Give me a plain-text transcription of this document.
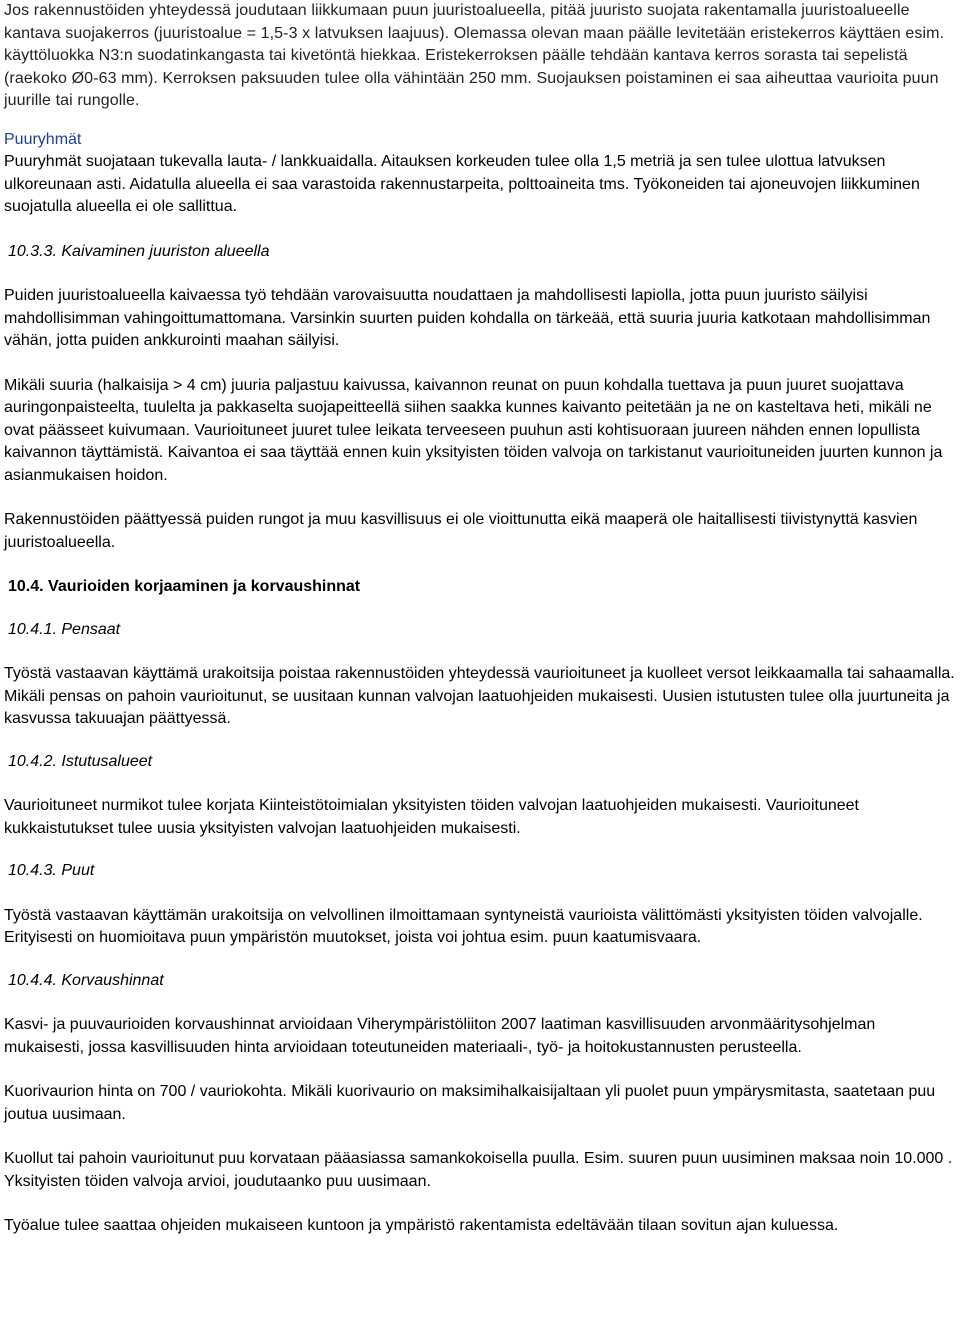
Jos rakennustöiden yhteydessä joudutaan liikkumaan puun juuristoalueella, pitää juuristo suojata rakentamalla juuristoalueelle kantava suojakerros (juuristoalue = 1,5-3 x latvuksen laajuus). Olemassa olevan maan päälle levitetään eristekerros käyttäen esim. käyttöluokka N3:n suodatinkangasta tai kivetöntä hiekkaa. Eristekerroksen päälle tehdään kantava kerros sorasta tai sepelistä (raekoko Ø0-63 mm). Kerroksen paksuuden tulee olla vähintään 250 mm. Suojauksen poistaminen ei saa aiheuttaa vaurioita puun juurille tai rungolle.

Puuryhmät

Puuryhmät suojataan tukevalla lauta- / lankkuaidalla. Aitauksen korkeuden tulee olla 1,5 metriä ja sen tulee ulottua latvuksen ulkoreunaan asti. Aidatulla alueella ei saa varastoida rakennustarpeita, polttoaineita tms. Työkoneiden tai ajoneuvojen liikkuminen suojatulla alueella ei ole sallittua.

10.3.3. Kaivaminen juuriston alueella

Puiden juuristoalueella kaivaessa työ tehdään varovaisuutta noudattaen ja mahdollisesti lapiolla, jotta puun juuristo säilyisi mahdollisimman vahingoittumattomana. Varsinkin suurten puiden kohdalla on tärkeää, että suuria juuria katkotaan mahdollisimman vähän, jotta puiden ankkurointi maahan säilyisi.

Mikäli suuria (halkaisija > 4 cm) juuria paljastuu kaivussa, kaivannon reunat on puun kohdalla tuettava ja puun juuret suojattava auringonpaisteelta, tuulelta ja pakkaselta suojapeitteellä siihen saakka kunnes kaivanto peitetään ja ne on kasteltava heti, mikäli ne ovat päässeet kuivumaan. Vaurioituneet juuret tulee leikata terveeseen puuhun asti kohtisuoraan juureen nähden ennen lopullista kaivannon täyttämistä. Kaivantoa ei saa täyttää ennen kuin yksityisten töiden valvoja on tarkistanut vaurioituneiden juurten kunnon ja asianmukaisen hoidon.

Rakennustöiden päättyessä puiden rungot ja muu kasvillisuus ei ole vioittunutta eikä maaperä ole haitallisesti tiivistynyttä kasvien juuristoalueella.

10.4. Vaurioiden korjaaminen ja korvaushinnat

10.4.1. Pensaat

Työstä vastaavan käyttämä urakoitsija poistaa rakennustöiden yhteydessä vaurioituneet ja kuolleet versot leikkaamalla tai sahaamalla. Mikäli pensas on pahoin vaurioitunut, se uusitaan kunnan valvojan laatuohjeiden mukaisesti. Uusien istutusten tulee olla juurtuneita ja kasvussa takuuajan päättyessä.

10.4.2. Istutusalueet

Vaurioituneet nurmikot tulee korjata Kiinteistötoimialan yksityisten töiden valvojan laatuohjeiden mukaisesti. Vaurioituneet kukkaistutukset tulee uusia yksityisten valvojan laatuohjeiden mukaisesti.

10.4.3. Puut

Työstä vastaavan käyttämän urakoitsija on velvollinen ilmoittamaan syntyneistä vaurioista välittömästi yksityisten töiden valvojalle. Erityisesti on huomioitava puun ympäristön muutokset, joista voi johtua esim. puun kaatumisvaara.

10.4.4. Korvaushinnat

Kasvi- ja puuvaurioiden korvaushinnat arvioidaan Viherympäristöliiton 2007 laatiman kasvillisuuden arvonmääritysohjelman mukaisesti, jossa kasvillisuuden hinta arvioidaan toteutuneiden materiaali-, työ- ja hoitokustannusten perusteella.

Kuorivaurion hinta on 700 / vauriokohta. Mikäli kuorivaurio on maksimihalkaisijaltaan yli puolet puun ympärysmitasta, saatetaan puu joutua uusimaan.

Kuollut tai pahoin vaurioitunut puu korvataan pääasiassa samankokoisella puulla. Esim. suuren puun uusiminen maksaa noin 10.000 . Yksityisten töiden valvoja arvioi, joudutaanko puu uusimaan.

Työalue tulee saattaa ohjeiden mukaiseen kuntoon ja ympäristö rakentamista edeltävään tilaan sovitun ajan kuluessa.
